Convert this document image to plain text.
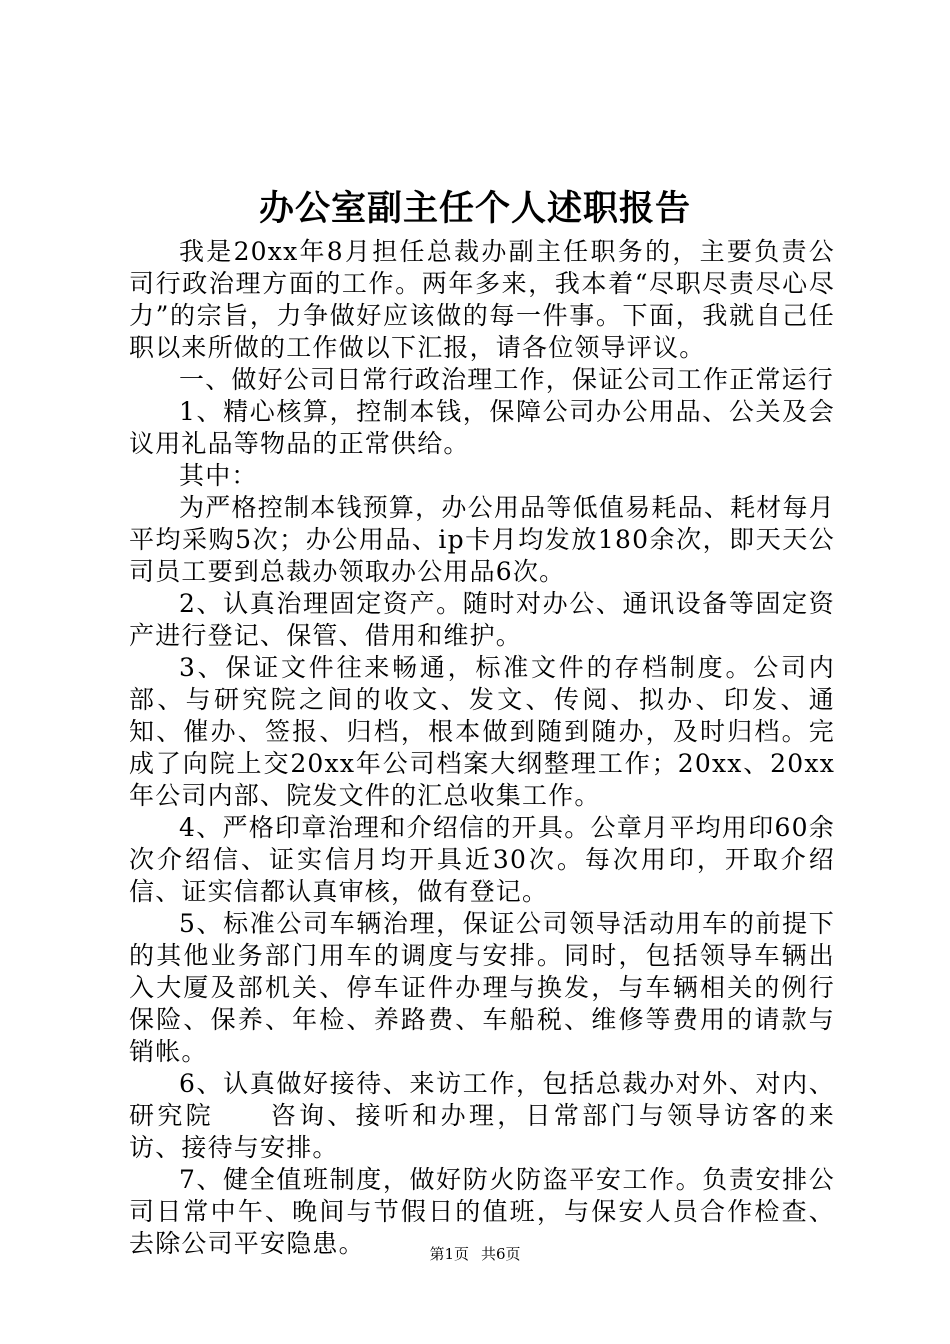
办公室副主任个人述职报告

我是20xx年8月担任总裁办副主任职务的，主要负责公司行政治理方面的工作。两年多来，我本着“尽职尽责尽心尽力”的宗旨，力争做好应该做的每一件事。下面，我就自己任职以来所做的工作做以下汇报，请各位领导评议。

一、做好公司日常行政治理工作，保证公司工作正常运行

1、精心核算，控制本钱，保障公司办公用品、公关及会议用礼品等物品的正常供给。

其中：

为严格控制本钱预算，办公用品等低值易耗品、耗材每月平均采购5次；办公用品、ip卡月均发放180余次，即天天公司员工要到总裁办领取办公用品6次。

2、认真治理固定资产。随时对办公、通讯设备等固定资产进行登记、保管、借用和维护。

3、保证文件往来畅通，标准文件的存档制度。公司内部、与研究院之间的收文、发文、传阅、拟办、印发、通知、催办、签报、归档，根本做到随到随办，及时归档。完成了向院上交20xx年公司档案大纲整理工作；20xx、20xx年公司内部、院发文件的汇总收集工作。

4、严格印章治理和介绍信的开具。公章月平均用印60余次介绍信、证实信月均开具近30次。每次用印，开取介绍信、证实信都认真审核，做有登记。

5、标准公司车辆治理，保证公司领导活动用车的前提下的其他业务部门用车的调度与安排。同时，包括领导车辆出入大厦及部机关、停车证件办理与换发，与车辆相关的例行保险、保养、年检、养路费、车船税、维修等费用的请款与销帐。

6、认真做好接待、来访工作，包括总裁办对外、对内、研究院　　咨询、接听和办理，日常部门与领导访客的来访、接待与安排。

7、健全值班制度，做好防火防盗平安工作。负责安排公司日常中午、晚间与节假日的值班，与保安人员合作检查、去除公司平安隐患。	第1页 共6页
